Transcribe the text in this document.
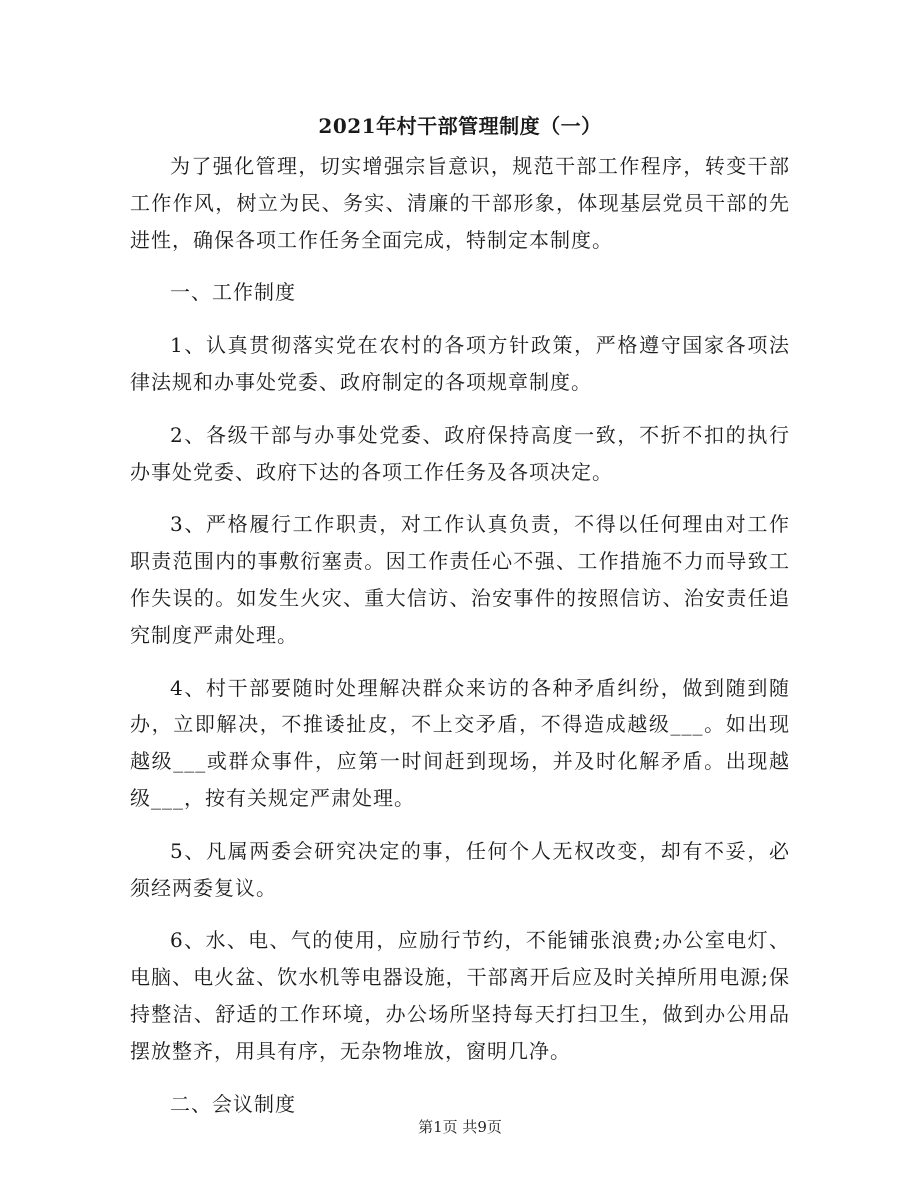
2021年村干部管理制度（一）

为了强化管理，切实增强宗旨意识，规范干部工作程序，转变干部工作作风，树立为民、务实、清廉的干部形象，体现基层党员干部的先进性，确保各项工作任务全面完成，特制定本制度。

一、工作制度

1、认真贯彻落实党在农村的各项方针政策，严格遵守国家各项法律法规和办事处党委、政府制定的各项规章制度。

2、各级干部与办事处党委、政府保持高度一致，不折不扣的执行办事处党委、政府下达的各项工作任务及各项决定。

3、严格履行工作职责，对工作认真负责，不得以任何理由对工作职责范围内的事敷衍塞责。因工作责任心不强、工作措施不力而导致工作失误的。如发生火灾、重大信访、治安事件的按照信访、治安责任追究制度严肃处理。

4、村干部要随时处理解决群众来访的各种矛盾纠纷，做到随到随办，立即解决，不推诿扯皮，不上交矛盾，不得造成越级___。如出现越级___或群众事件，应第一时间赶到现场，并及时化解矛盾。出现越级___，按有关规定严肃处理。

5、凡属两委会研究决定的事，任何个人无权改变，却有不妥，必须经两委复议。

6、水、电、气的使用，应励行节约，不能铺张浪费;办公室电灯、电脑、电火盆、饮水机等电器设施，干部离开后应及时关掉所用电源;保持整洁、舒适的工作环境，办公场所坚持每天打扫卫生，做到办公用品摆放整齐，用具有序，无杂物堆放，窗明几净。

二、会议制度

第1页 共9页
